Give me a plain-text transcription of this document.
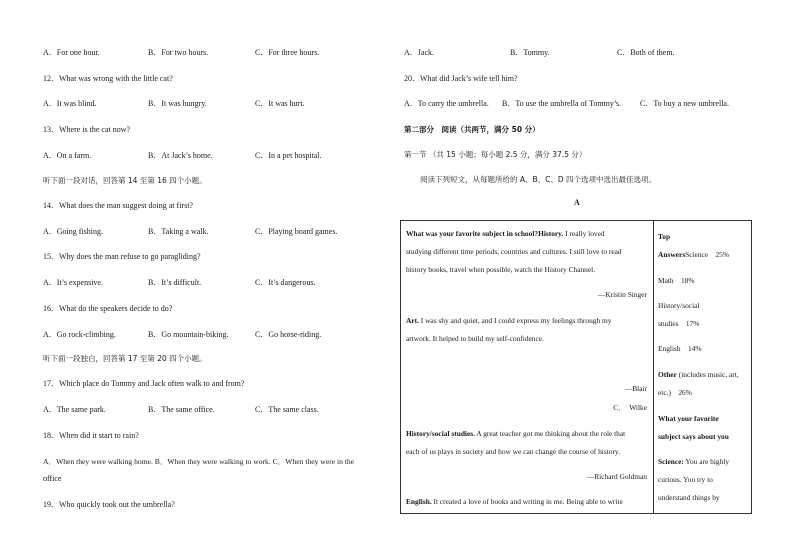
A．For one hour.	B．For two hours.	C．For three hours.
12．What was wrong with the little cat?
A．It was blind.	B．It was hungry.	C．It was hurt.
13．Where is the cat now?
A．On a farm.	B．At Jack’s home.	C．In a pet hospital.
听下面一段对话，回答第 14 至第 16 四个小题。
14．What does the man suggest doing at first?
A．Going fishing.	B．Taking a walk.	C．Playing board games.
15．Why does the man refuse to go paragliding?
A．It’s expensive.	B．It’s difficult.	C．It’s dangerous.
16．What do the speakers decide to do?
A．Go rock-climbing.	B．Go mountain-biking.	C．Go horse-riding.
听下面一段独白，回答第 17 至第 20 四个小题。
17．Which place do Tommy and Jack often walk to and from?
A．The same park.	B．The same office.	C．The same class.
18．When did it start to rain?
A．When they were walking home. B．When they were walking to work. C．When they were in the
office
19．Who quickly took out the umbrella?
A．Jack.	B．Tommy.	C．Both of them.
20．What did Jack’s wife tell him?
A．To carry the umbrella. B．To use the umbrella of Tommy’s. C．To buy a new umbrella.
第二部分　阅读（共两节，满分 50 分）
第一节 （共 15 小题；每小题 2.5 分，满分 37.5 分）
阅读下列短文，从每题所给的 A、B、C、D 四个选项中选出最佳选项。
A
What was your favorite subject in school?History. I really loved
studying different time periods, countries and cultures. I still love to read
history books, travel when possible, watch the History Channel.
—Kristin Singer
Art. I was shy and quiet, and I could express my feelings through my
artwork. It helped to build my self-confidence.
—Blair
C．　Wilke
History/social studies. A great teacher got me thinking about the role that
each of us plays in society and how we can change the course of history.
—Richard Goldman
English. It created a love of books and writing in me. Being able to write
Top
AnswersScience　25%
Math　18%
History/social
studies　17%
English　14%
Other (includes music, art,
etc.)　26%
What your favorite
subject says about you
Science: You are highly
curious. You try to
understand things by
